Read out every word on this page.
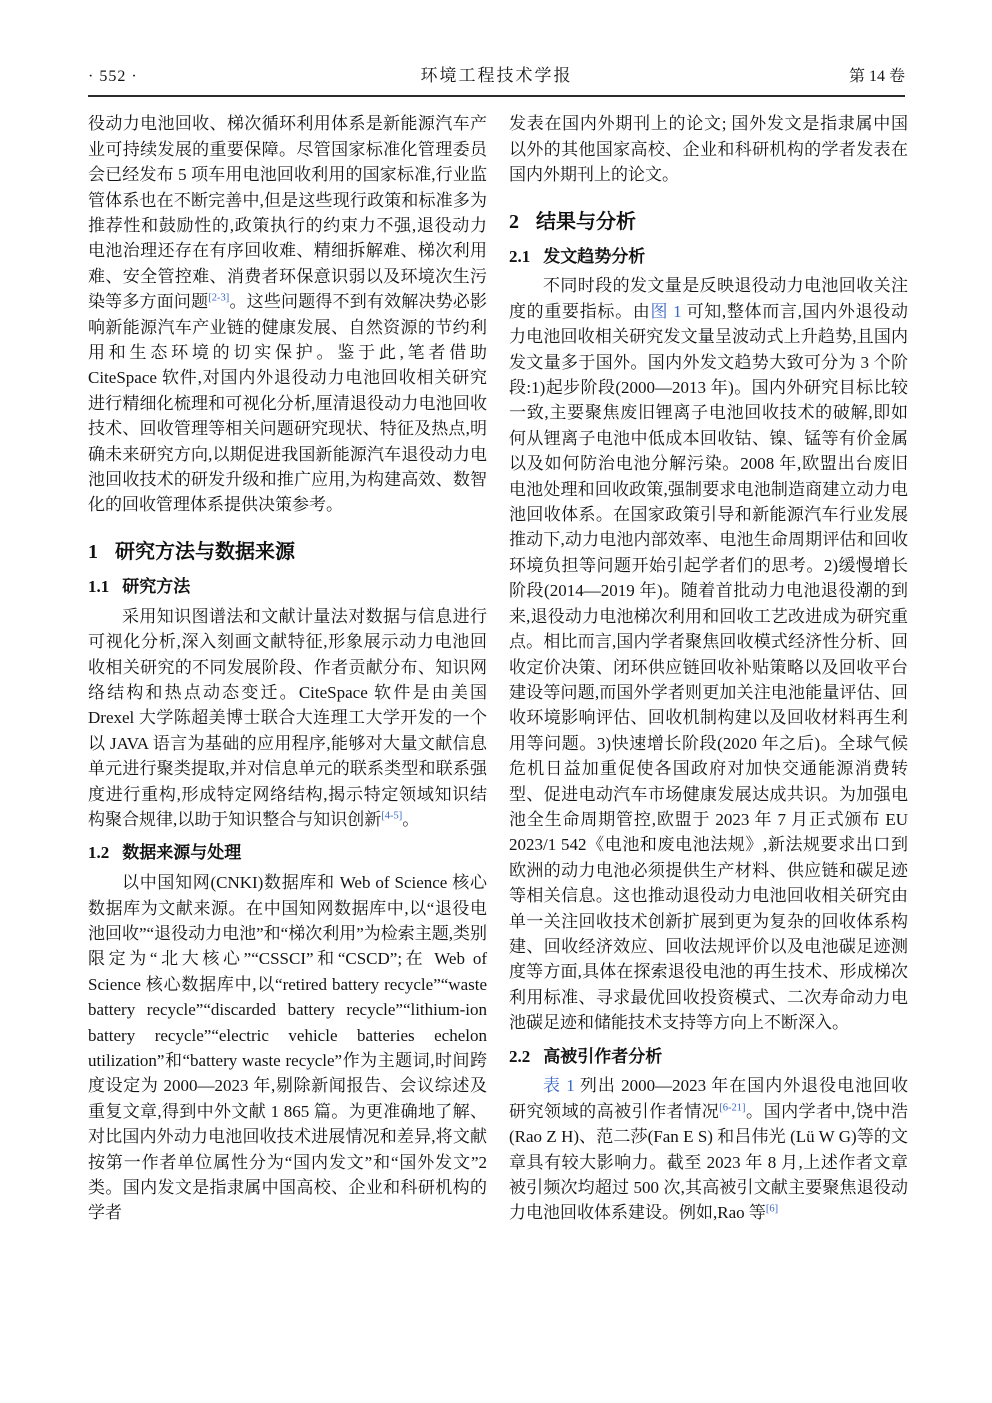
· 552 ·	环境工程技术学报	第 14 卷

役动力电池回收、梯次循环利用体系是新能源汽车产业可持续发展的重要保障。尽管国家标准化管理委员会已经发布 5 项车用电池回收利用的国家标准,行业监管体系也在不断完善中,但是这些现行政策和标准多为推荐性和鼓励性的,政策执行的约束力不强,退役动力电池治理还存在有序回收难、精细拆解难、梯次利用难、安全管控难、消费者环保意识弱以及环境次生污染等多方面问题[2-3]。这些问题得不到有效解决势必影响新能源汽车产业链的健康发展、自然资源的节约利用和生态环境的切实保护。鉴于此,笔者借助 CiteSpace 软件,对国内外退役动力电池回收相关研究进行精细化梳理和可视化分析,厘清退役动力电池回收技术、回收管理等相关问题研究现状、特征及热点,明确未来研究方向,以期促进我国新能源汽车退役动力电池回收技术的研发升级和推广应用,为构建高效、数智化的回收管理体系提供决策参考。

1 研究方法与数据来源
1.1 研究方法

采用知识图谱法和文献计量法对数据与信息进行可视化分析,深入刻画文献特征,形象展示动力电池回收相关研究的不同发展阶段、作者贡献分布、知识网络结构和热点动态变迁。CiteSpace 软件是由美国 Drexel 大学陈超美博士联合大连理工大学开发的一个以 JAVA 语言为基础的应用程序,能够对大量文献信息单元进行聚类提取,并对信息单元的联系类型和联系强度进行重构,形成特定网络结构,揭示特定领域知识结构聚合规律,以助于知识整合与知识创新[4-5]。

1.2 数据来源与处理

以中国知网(CNKI)数据库和 Web of Science 核心数据库为文献来源。在中国知网数据库中,以“退役电池回收”“退役动力电池”和“梯次利用”为检索主题,类别限定为“北大核心”“CSSCI”和“CSCD”;在 Web of Science 核心数据库中,以“retired battery recycle”“waste battery recycle”“discarded battery recycle”“lithium-ion battery recycle”“electric vehicle batteries echelon utilization”和“battery waste recycle”作为主题词,时间跨度设定为 2000—2023 年,剔除新闻报告、会议综述及重复文章,得到中外文献 1 865 篇。为更准确地了解、对比国内外动力电池回收技术进展情况和差异,将文献按第一作者单位属性分为“国内发文”和“国外发文”2 类。国内发文是指隶属中国高校、企业和科研机构的学者

发表在国内外期刊上的论文; 国外发文是指隶属中国以外的其他国家高校、企业和科研机构的学者发表在国内外期刊上的论文。

2 结果与分析
2.1 发文趋势分析

不同时段的发文量是反映退役动力电池回收关注度的重要指标。由图 1 可知,整体而言,国内外退役动力电池回收相关研究发文量呈波动式上升趋势,且国内发文量多于国外。国内外发文趋势大致可分为 3 个阶段:1)起步阶段(2000—2013 年)。国内外研究目标比较一致,主要聚焦废旧锂离子电池回收技术的破解,即如何从锂离子电池中低成本回收钴、镍、锰等有价金属以及如何防治电池分解污染。2008 年,欧盟出台废旧电池处理和回收政策,强制要求电池制造商建立动力电池回收体系。在国家政策引导和新能源汽车行业发展推动下,动力电池内部效率、电池生命周期评估和回收环境负担等问题开始引起学者们的思考。2)缓慢增长阶段(2014—2019 年)。随着首批动力电池退役潮的到来,退役动力电池梯次利用和回收工艺改进成为研究重点。相比而言,国内学者聚焦回收模式经济性分析、回收定价决策、闭环供应链回收补贴策略以及回收平台建设等问题,而国外学者则更加关注电池能量评估、回收环境影响评估、回收机制构建以及回收材料再生利用等问题。3)快速增长阶段(2020 年之后)。全球气候危机日益加重促使各国政府对加快交通能源消费转型、促进电动汽车市场健康发展达成共识。为加强电池全生命周期管控,欧盟于 2023 年 7 月正式颁布 EU 2023/1 542《电池和废电池法规》,新法规要求出口到欧洲的动力电池必须提供生产材料、供应链和碳足迹等相关信息。这也推动退役动力电池回收相关研究由单一关注回收技术创新扩展到更为复杂的回收体系构建、回收经济效应、回收法规评价以及电池碳足迹测度等方面,具体在探索退役电池的再生技术、形成梯次利用标准、寻求最优回收投资模式、二次寿命动力电池碳足迹和储能技术支持等方向上不断深入。

2.2 高被引作者分析

表 1 列出 2000—2023 年在国内外退役电池回收研究领域的高被引作者情况[6-21]。国内学者中,饶中浩(Rao Z H)、范二莎(Fan E S) 和吕伟光 (Lü W G)等的文章具有较大影响力。截至 2023 年 8 月,上述作者文章被引频次均超过 500 次,其高被引文献主要聚焦退役动力电池回收体系建设。例如,Rao 等[6]
